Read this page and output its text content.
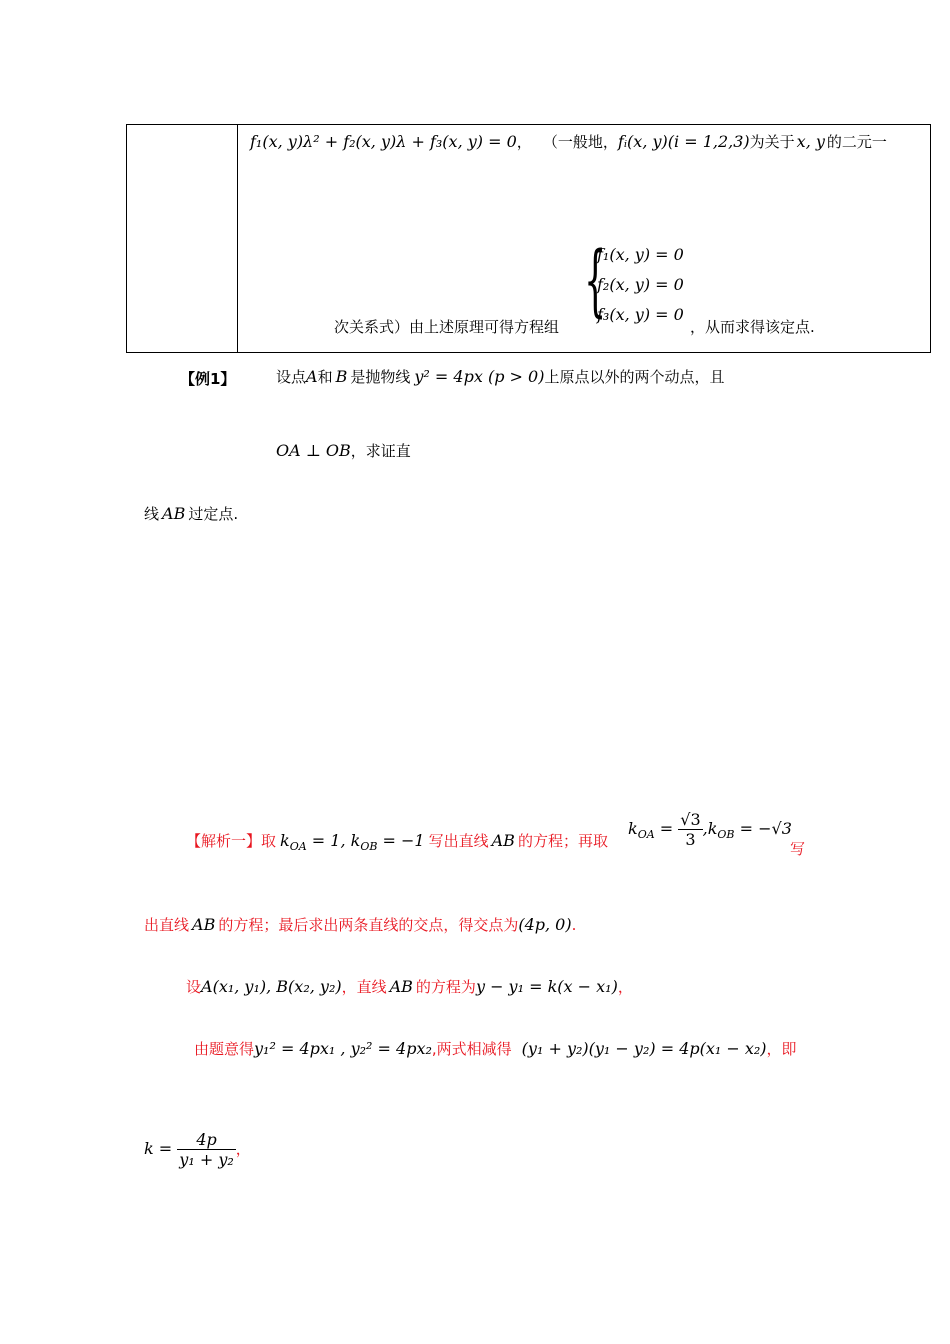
f₁(x, y)λ² + f₂(x, y)λ + f₃(x, y) = 0， （一般地，fᵢ(x, y)(i = 1,2,3)为关于 x, y 的二元一
{
f₁(x, y) = 0
f₂(x, y) = 0
f₃(x, y) = 0
次关系式）由上述原理可得方程组	，从而求得该定点.
【例1】	设点A和 B 是抛物线 y² = 4px (p > 0)上原点以外的两个动点，且
OA ⊥ OB，求证直
线 AB 过定点.
【解析一】取 $k_{OA} = 1$, $k_{OB} = -1$ 写出直线 AB 的方程；再取
$k_{OA} = \frac{√3}{3} ,k_{OB} = -√3$
写
出直线 AB 的方程；最后求出两条直线的交点，得交点为(4p, 0).
设A(x₁, y₁), B(x₂, y₂)，直线 AB 的方程为y − y₁ = k(x − x₁)，
由题意得y₁² = 4px₁ , y₂² = 4px₂,两式相减得 (y₁ + y₂)(y₁ − y₂) = 4p(x₁ − x₂)，即
$k = \frac{4p}{\text{y₁ + y₂}}$ ，
